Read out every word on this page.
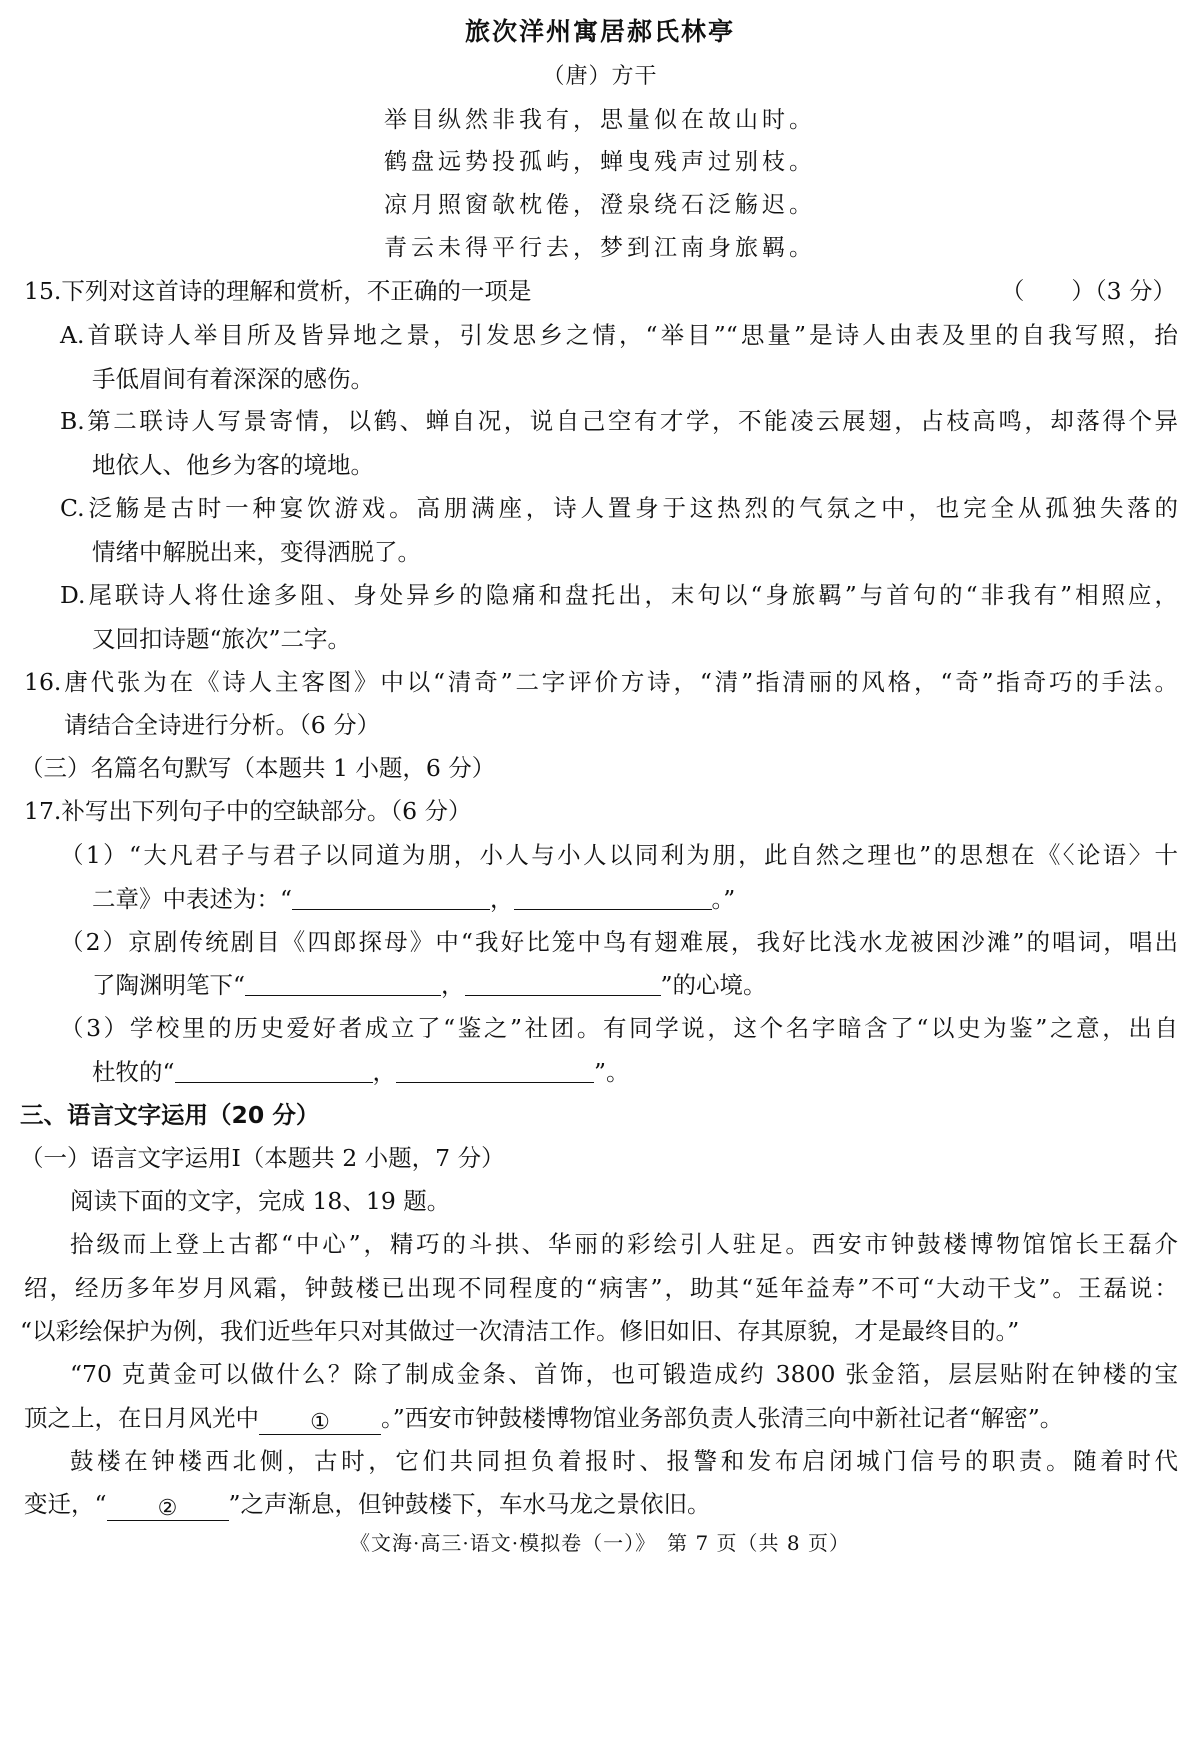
旅次洋州寓居郝氏林亭
（唐）方干
举目纵然非我有，思量似在故山时。
鹤盘远势投孤屿，蝉曳残声过别枝。
凉月照窗欹枕倦，澄泉绕石泛觞迟。
青云未得平行去，梦到江南身旅羁。
15.下列对这首诗的理解和赏析，不正确的一项是	（　　）（3 分）
A.首联诗人举目所及皆异地之景，引发思乡之情，“举目”“思量”是诗人由表及里的自我写照，抬
手低眉间有着深深的感伤。
B.第二联诗人写景寄情，以鹤、蝉自况，说自己空有才学，不能凌云展翅，占枝高鸣，却落得个异
地依人、他乡为客的境地。
C.泛觞是古时一种宴饮游戏。高朋满座，诗人置身于这热烈的气氛之中，也完全从孤独失落的
情绪中解脱出来，变得洒脱了。
D.尾联诗人将仕途多阻、身处异乡的隐痛和盘托出，末句以“身旅羁”与首句的“非我有”相照应，
又回扣诗题“旅次”二字。
16.唐代张为在《诗人主客图》中以“清奇”二字评价方诗，“清”指清丽的风格，“奇”指奇巧的手法。
请结合全诗进行分析。（6 分）
（三）名篇名句默写（本题共 1 小题，6 分）
17.补写出下列句子中的空缺部分。（6 分）
（1）“大凡君子与君子以同道为朋，小人与小人以同利为朋，此自然之理也”的思想在《〈论语〉十
二章》中表述为：“	，	。”
（2）京剧传统剧目《四郎探母》中“我好比笼中鸟有翅难展，我好比浅水龙被困沙滩”的唱词，唱出
了陶渊明笔下“	，	”的心境。
（3）学校里的历史爱好者成立了“鉴之”社团。有同学说，这个名字暗含了“以史为鉴”之意，出自
杜牧的“	，	”。
三、语言文字运用（20 分）
（一）语言文字运用Ⅰ（本题共 2 小题，7 分）
阅读下面的文字，完成 18、19 题。
拾级而上登上古都“中心”，精巧的斗拱、华丽的彩绘引人驻足。西安市钟鼓楼博物馆馆长王磊介
绍，经历多年岁月风霜，钟鼓楼已出现不同程度的“病害”，助其“延年益寿”不可“大动干戈”。王磊说：
“以彩绘保护为例，我们近些年只对其做过一次清洁工作。修旧如旧、存其原貌，才是最终目的。”
“70 克黄金可以做什么？除了制成金条、首饰，也可锻造成约 3800 张金箔，层层贴附在钟楼的宝
顶之上，在日月风光中 ① 。”西安市钟鼓楼博物馆业务部负责人张清三向中新社记者“解密”。
鼓楼在钟楼西北侧，古时，它们共同担负着报时、报警和发布启闭城门信号的职责。随着时代
变迁，“ ② ”之声渐息，但钟鼓楼下，车水马龙之景依旧。
《文海·高三·语文·模拟卷（一）》　第 7 页（共 8 页）
